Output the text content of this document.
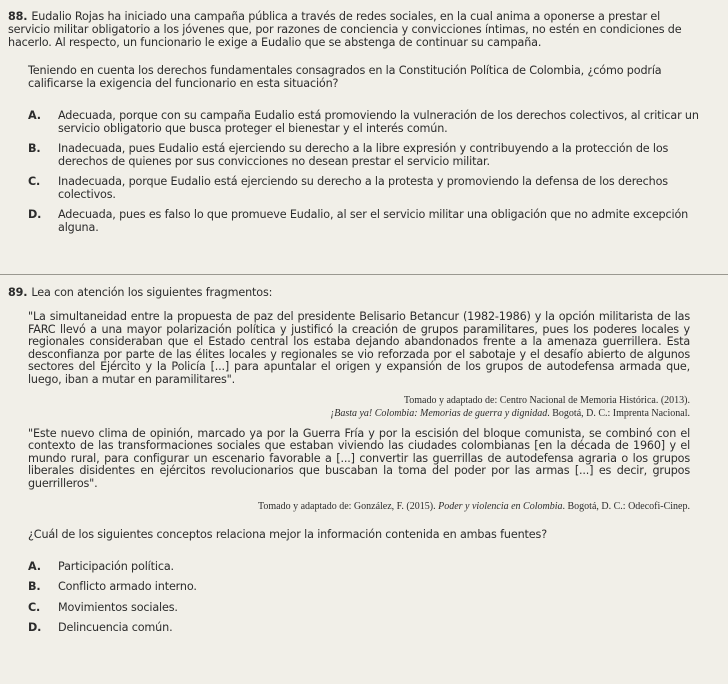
88. Eudalio Rojas ha iniciado una campaña pública a través de redes sociales, en la cual anima a oponerse a prestar el servicio militar obligatorio a los jóvenes que, por razones de conciencia y convicciones íntimas, no estén en condiciones de hacerlo. Al respecto, un funcionario le exige a Eudalio que se abstenga de continuar su campaña.
Teniendo en cuenta los derechos fundamentales consagrados en la Constitución Política de Colombia, ¿cómo podría calificarse la exigencia del funcionario en esta situación?
A.	Adecuada, porque con su campaña Eudalio está promoviendo la vulneración de los derechos colectivos, al criticar un servicio obligatorio que busca proteger el bienestar y el interés común.
B.	Inadecuada, pues Eudalio está ejerciendo su derecho a la libre expresión y contribuyendo a la protección de los derechos de quienes por sus convicciones no desean prestar el servicio militar.
C.	Inadecuada, porque Eudalio está ejerciendo su derecho a la protesta y promoviendo la defensa de los derechos colectivos.
D.	Adecuada, pues es falso lo que promueve Eudalio, al ser el servicio militar una obligación que no admite excepción alguna.
89. Lea con atención los siguientes fragmentos:
"La simultaneidad entre la propuesta de paz del presidente Belisario Betancur (1982-1986) y la opción militarista de las FARC llevó a una mayor polarización política y justificó la creación de grupos paramilitares, pues los poderes locales y regionales consideraban que el Estado central los estaba dejando abandonados frente a la amenaza guerrillera. Esta desconfianza por parte de las élites locales y regionales se vio reforzada por el sabotaje y el desafío abierto de algunos sectores del Ejército y la Policía [...] para apuntalar el origen y expansión de los grupos de autodefensa armada que, luego, iban a mutar en paramilitares".
Tomado y adaptado de: Centro Nacional de Memoria Histórica. (2013).
¡Basta ya! Colombia: Memorias de guerra y dignidad. Bogotá, D. C.: Imprenta Nacional.
"Este nuevo clima de opinión, marcado ya por la Guerra Fría y por la escisión del bloque comunista, se combinó con el contexto de las transformaciones sociales que estaban viviendo las ciudades colombianas [en la década de 1960] y el mundo rural, para configurar un escenario favorable a [...] convertir las guerrillas de autodefensa agraria o los grupos liberales disidentes en ejércitos revolucionarios que buscaban la toma del poder por las armas [...] es decir, grupos guerrilleros".
Tomado y adaptado de: González, F. (2015). Poder y violencia en Colombia. Bogotá, D. C.: Odecofi-Cinep.
¿Cuál de los siguientes conceptos relaciona mejor la información contenida en ambas fuentes?
A.	Participación política.
B.	Conflicto armado interno.
C.	Movimientos sociales.
D.	Delincuencia común.
